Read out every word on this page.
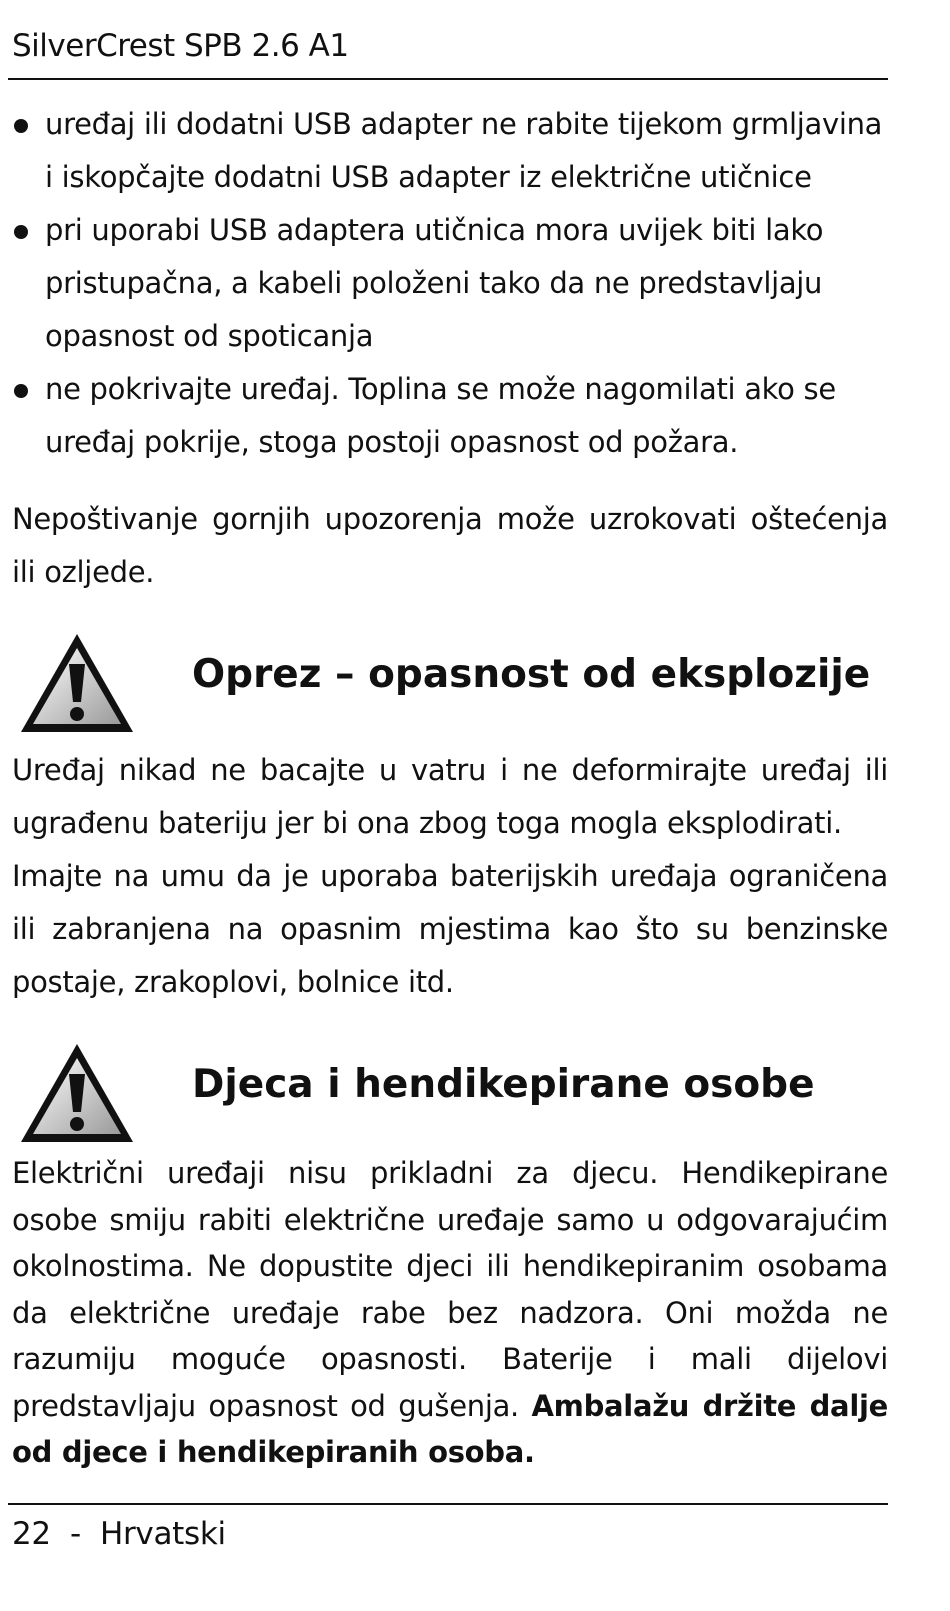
SilverCrest SPB 2.6 A1
uređaj ili dodatni USB adapter ne rabite tijekom grmljavina i iskopčajte dodatni USB adapter iz električne utičnice
pri uporabi USB adaptera utičnica mora uvijek biti lako pristupačna, a kabeli položeni tako da ne predstavljaju opasnost od spoticanja
ne pokrivajte uređaj. Toplina se može nagomilati ako se uređaj pokrije, stoga postoji opasnost od požara.

Nepoštivanje gornjih upozorenja može uzrokovati oštećenja ili ozljede.

Oprez – opasnost od eksplozije

Uređaj nikad ne bacajte u vatru i ne deformirajte uređaj ili ugrađenu bateriju jer bi ona zbog toga mogla eksplodirati.

Imajte na umu da je uporaba baterijskih uređaja ograničena ili zabranjena na opasnim mjestima kao što su benzinske postaje, zrakoplovi, bolnice itd.

Djeca i hendikepirane osobe

Električni uređaji nisu prikladni za djecu. Hendikepirane osobe smiju rabiti električne uređaje samo u odgovarajućim okolnostima. Ne dopustite djeci ili hendikepiranim osobama da električne uređaje rabe bez nadzora. Oni možda ne razumiju moguće opasnosti. Baterije i mali dijelovi predstavljaju opasnost od gušenja. Ambalažu držite dalje od djece i hendikepiranih osoba.

22  -  Hrvatski
